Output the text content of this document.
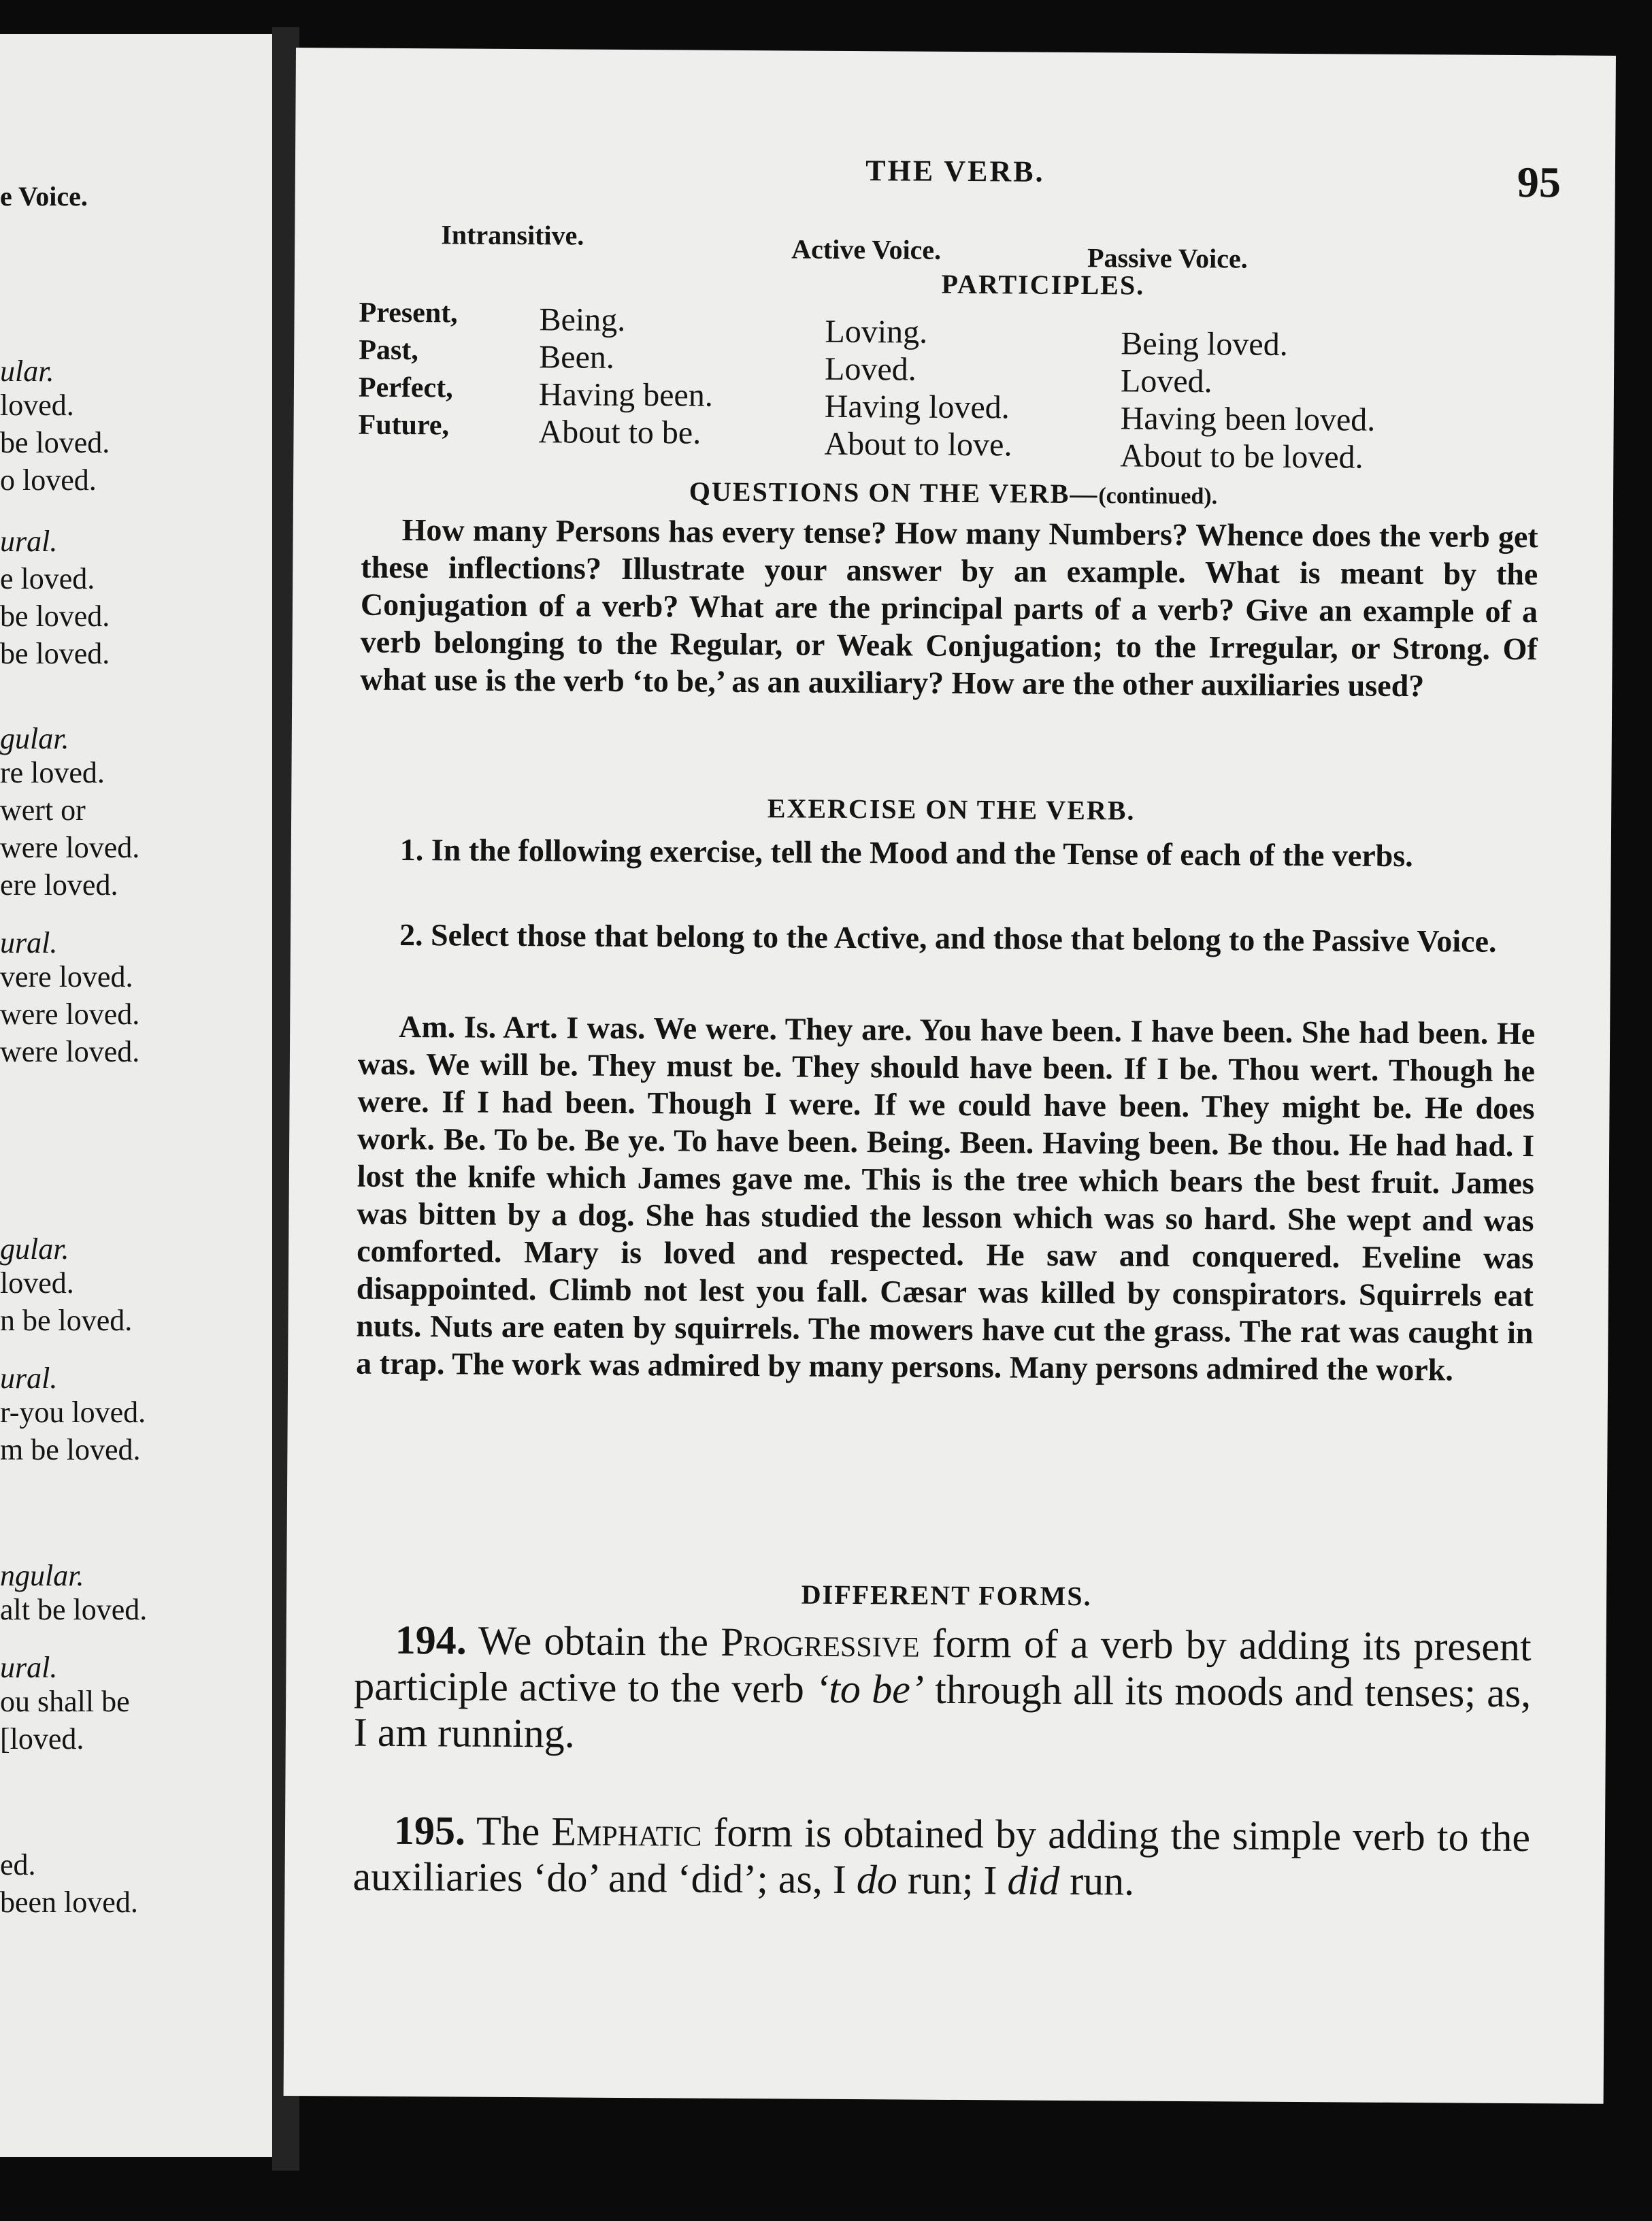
e Voice.
ular.
loved.
be loved.
o loved.
ural.
e loved.
be loved.
be loved.
gular.
re loved.
wert or
were loved.
ere loved.
ural.
vere loved.
were loved.
were loved.
gular.
loved.
n be loved.
ural.
r-you loved.
m be loved.
ngular.
alt be loved.
ural.
ou shall be
[loved.
ed.
been loved.
THE VERB.	95
Intransitive.	Active Voice.	Passive Voice.
PARTICIPLES.
Present, Being.	Loving.	Being loved.
Past,	Been.	Loved.	Loved.
Perfect,	Having been.	Having loved.	Having been loved.
Future,	About to be.	About to love.	About to be loved.
QUESTIONS ON THE VERB—(continued).
How many Persons has every tense? How many Numbers? Whence does the verb get these inflections? Illustrate your answer by an example. What is meant by the Conjugation of a verb? What are the principal parts of a verb? Give an example of a verb belonging to the Regular, or Weak Conjugation; to the Irregular, or Strong. Of what use is the verb ‘to be,’ as an auxiliary? How are the other auxiliaries used?
EXERCISE ON THE VERB.
1. In the following exercise, tell the Mood and the Tense of each of the verbs.
2. Select those that belong to the Active, and those that belong to the Passive Voice.
Am. Is. Art. I was. We were. They are. You have been. I have been. She had been. He was. We will be. They must be. They should have been. If I be. Thou wert. Though he were. If I had been. Though I were. If we could have been. They might be. He does work. Be. To be. Be ye. To have been. Being. Been. Having been. Be thou. He had had. I lost the knife which James gave me. This is the tree which bears the best fruit. James was bitten by a dog. She has studied the lesson which was so hard. She wept and was comforted. Mary is loved and respected. He saw and conquered. Eveline was disappointed. Climb not lest you fall. Cæsar was killed by conspirators. Squirrels eat nuts. Nuts are eaten by squirrels. The mowers have cut the grass. The rat was caught in a trap. The work was admired by many persons. Many persons admired the work.
DIFFERENT FORMS.
194. We obtain the Progressive form of a verb by adding its present participle active to the verb ‘to be’ through all its moods and tenses; as, I am running.
195. The Emphatic form is obtained by adding the simple verb to the auxiliaries ‘do’ and ‘did’; as, I do run; I did run.
